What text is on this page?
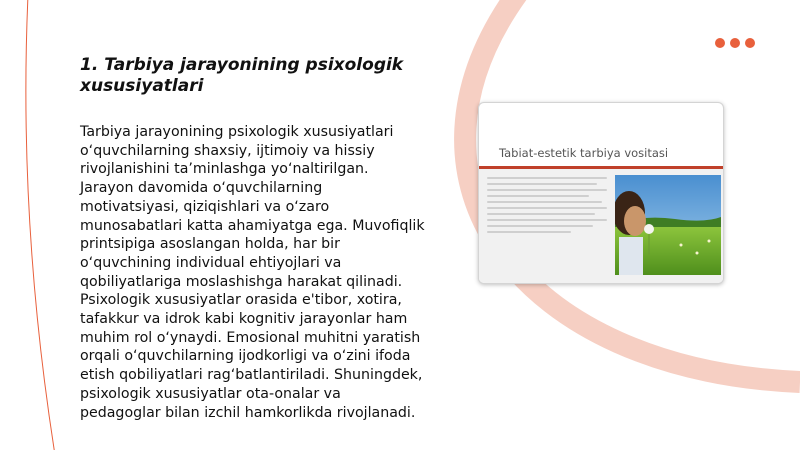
1. Tarbiya jarayonining psixologik xususiyatlari

Tarbiya jarayonining psixologik xususiyatlari o‘quvchilarning shaxsiy, ijtimoiy va hissiy rivojlanishini ta’minlashga yo‘naltirilgan. Jarayon davomida o‘quvchilarning motivatsiyasi, qiziqishlari va o‘zaro munosabatlari katta ahamiyatga ega. Muvofiqlik printsipiga asoslangan holda, har bir o‘quvchining individual ehtiyojlari va qobiliyatlariga moslashishga harakat qilinadi. Psixologik xususiyatlar orasida e'tibor, xotira, tafakkur va idrok kabi kognitiv jarayonlar ham muhim rol o‘ynaydi. Emosional muhitni yaratish orqali o‘quvchilarning ijodkorligi va o‘zini ifoda etish qobiliyatlari rag‘batlantiriladi. Shuningdek, psixologik xususiyatlar ota-onalar va pedagoglar bilan izchil hamkorlikda rivojlanadi.

Tabiat-estetik tarbiya vositasi
